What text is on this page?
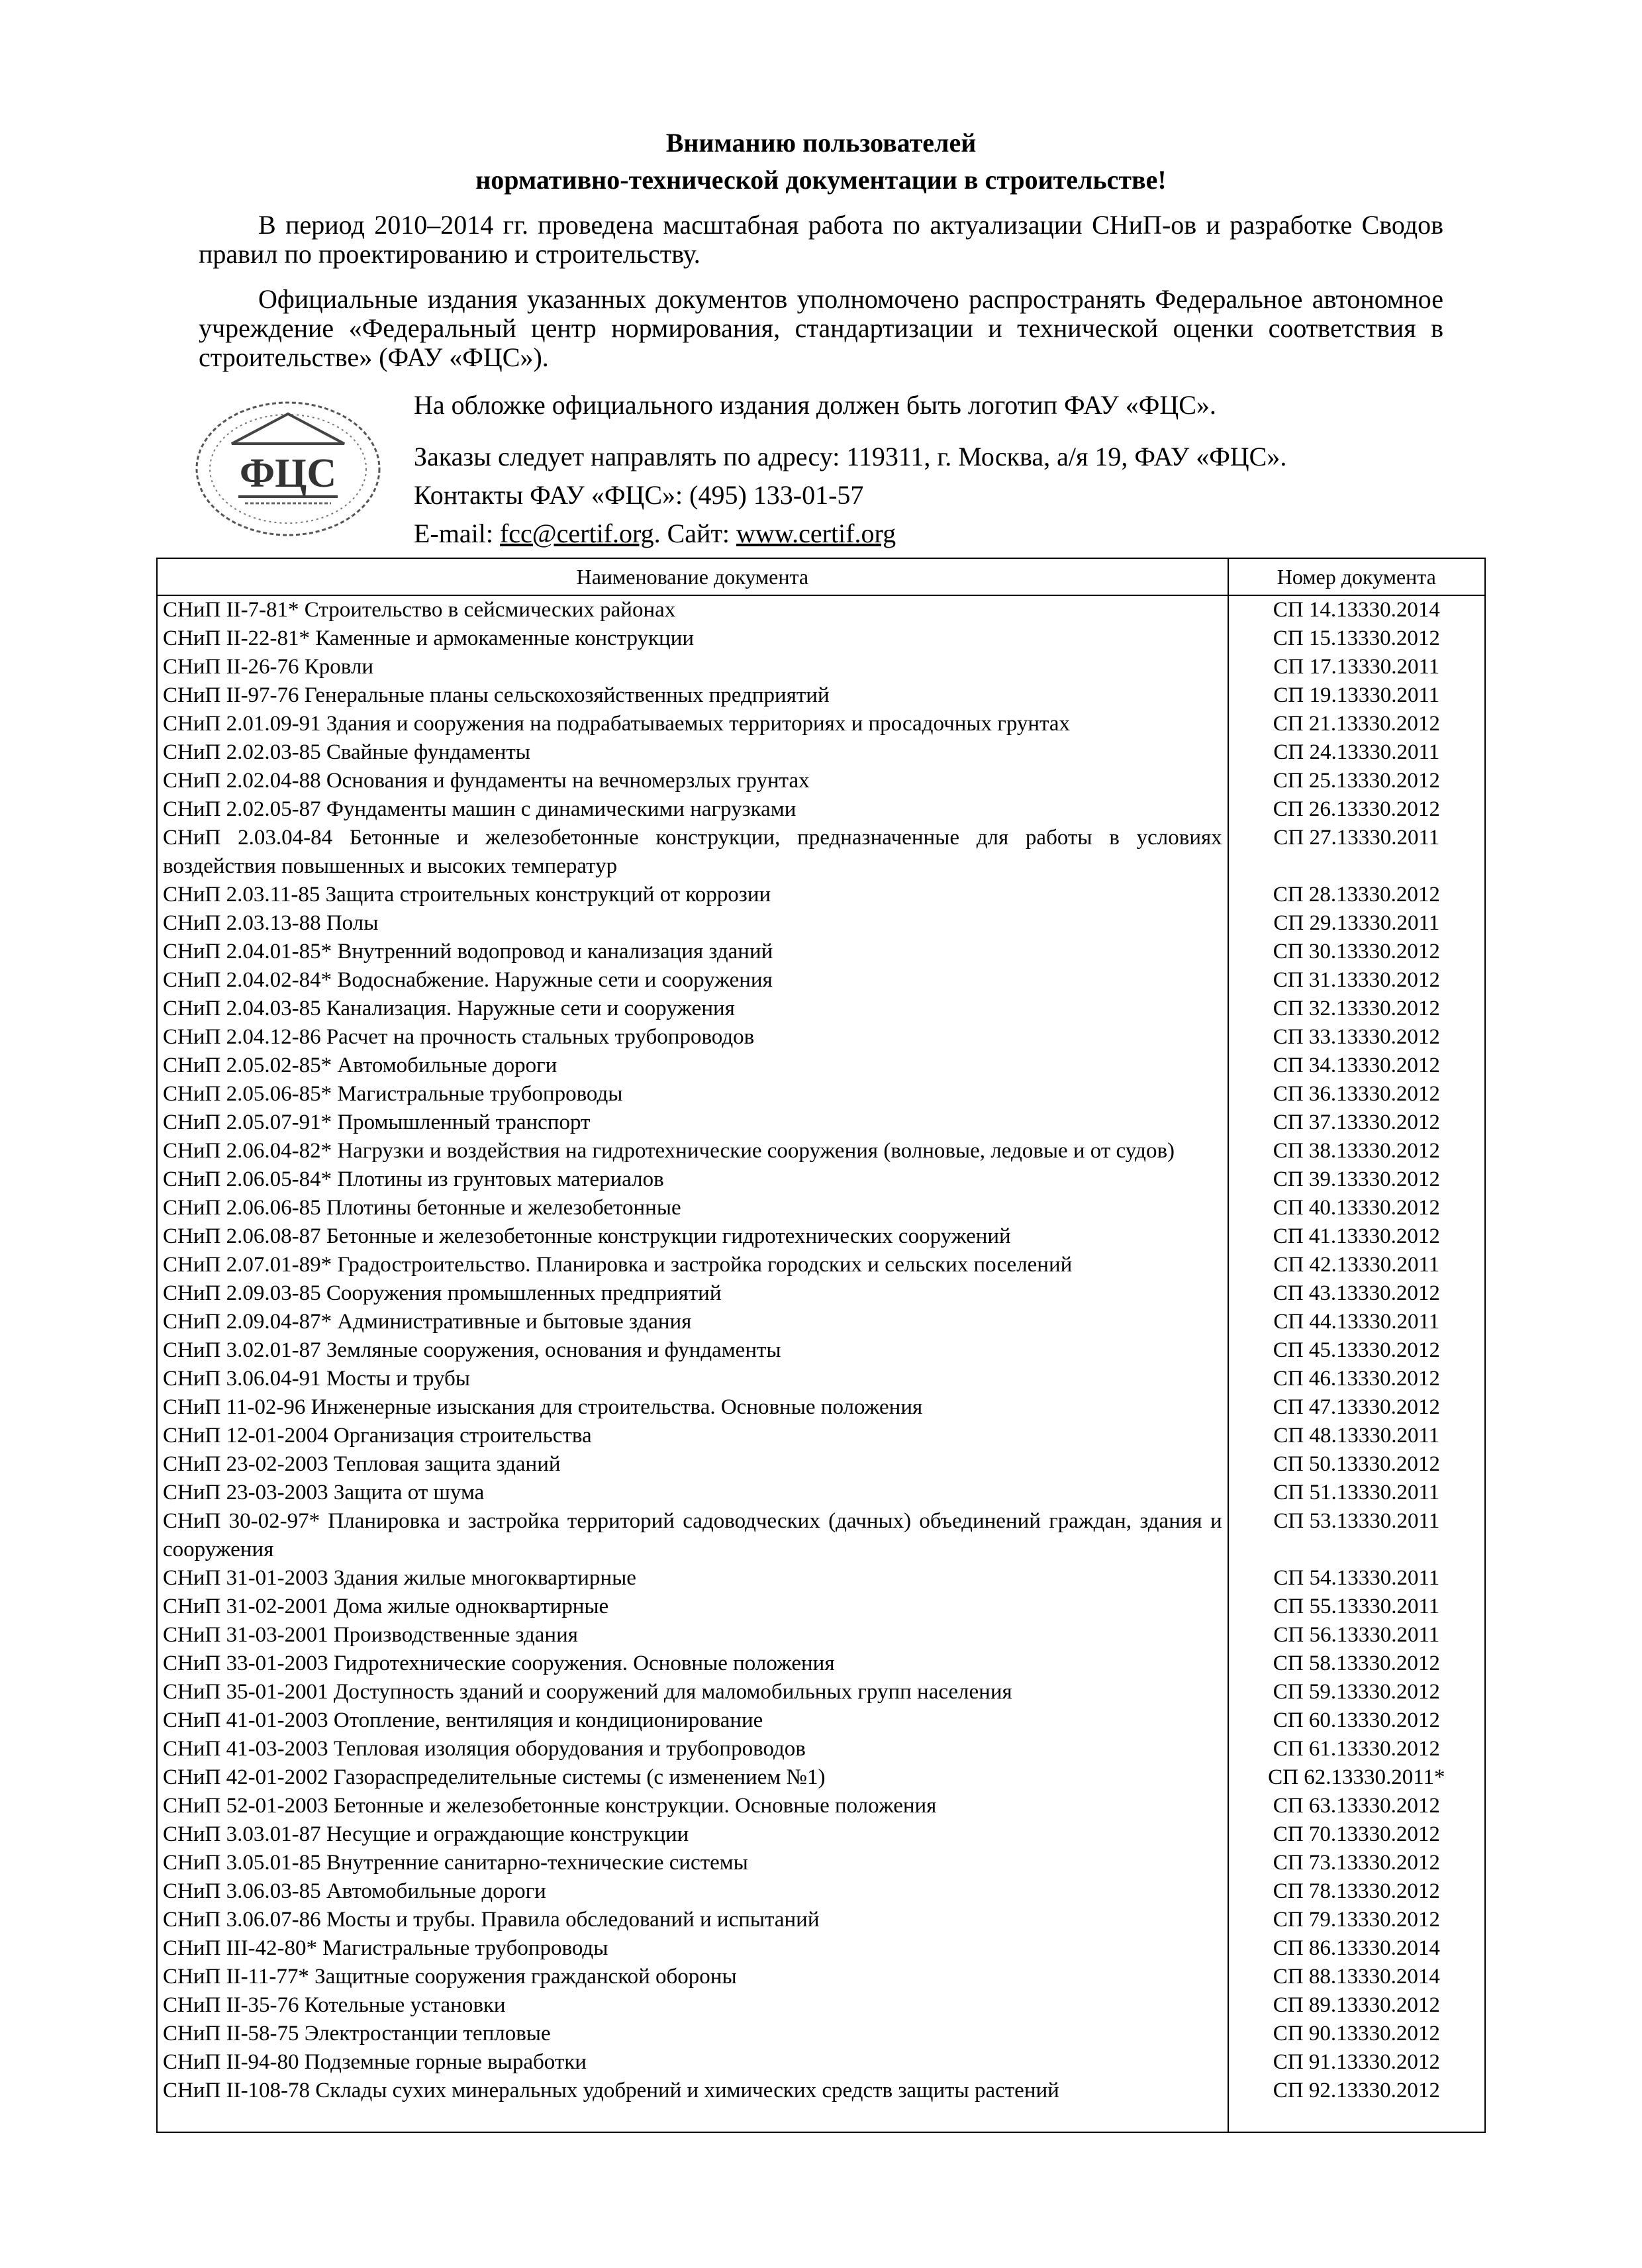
Вниманию пользователей
нормативно-технической документации в строительстве!
В период 2010–2014 гг. проведена масштабная работа по актуализации СНиП-ов и разработке Сводов правил по проектированию и строительству.
Официальные издания указанных документов уполномочено распространять Федеральное автономное учреждение «Федеральный центр нормирования, стандартизации и технической оценки соответствия в строительстве» (ФАУ «ФЦС»).
ФЦС
На обложке официального издания должен быть логотип ФАУ «ФЦС».
Заказы следует направлять по адресу: 119311, г. Москва, а/я 19, ФАУ «ФЦС».
Контакты ФАУ «ФЦС»: (495) 133-01-57
E-mail: fcc@certif.org. Сайт: www.certif.org
Наименование документа	Номер документа
СНиП II-7-81* Строительство в сейсмических районах	СП 14.13330.2014
СНиП II-22-81* Каменные и армокаменные конструкции	СП 15.13330.2012
СНиП II-26-76 Кровли	СП 17.13330.2011
СНиП II-97-76 Генеральные планы сельскохозяйственных предприятий	СП 19.13330.2011
СНиП 2.01.09-91 Здания и сооружения на подрабатываемых территориях и просадочных грунтах	СП 21.13330.2012
СНиП 2.02.03-85 Свайные фундаменты	СП 24.13330.2011
СНиП 2.02.04-88 Основания и фундаменты на вечномерзлых грунтах	СП 25.13330.2012
СНиП 2.02.05-87 Фундаменты машин с динамическими нагрузками	СП 26.13330.2012
СНиП 2.03.04-84 Бетонные и железобетонные конструкции, предназначенные для работы в условиях воздействия повышенных и высоких температур	СП 27.13330.2011
СНиП 2.03.11-85 Защита строительных конструкций от коррозии	СП 28.13330.2012
СНиП 2.03.13-88 Полы	СП 29.13330.2011
СНиП 2.04.01-85* Внутренний водопровод и канализация зданий	СП 30.13330.2012
СНиП 2.04.02-84* Водоснабжение. Наружные сети и сооружения	СП 31.13330.2012
СНиП 2.04.03-85 Канализация. Наружные сети и сооружения	СП 32.13330.2012
СНиП 2.04.12-86 Расчет на прочность стальных трубопроводов	СП 33.13330.2012
СНиП 2.05.02-85* Автомобильные дороги	СП 34.13330.2012
СНиП 2.05.06-85* Магистральные трубопроводы	СП 36.13330.2012
СНиП 2.05.07-91* Промышленный транспорт	СП 37.13330.2012
СНиП 2.06.04-82* Нагрузки и воздействия на гидротехнические сооружения (волновые, ледовые и от судов)	СП 38.13330.2012
СНиП 2.06.05-84* Плотины из грунтовых материалов	СП 39.13330.2012
СНиП 2.06.06-85 Плотины бетонные и железобетонные	СП 40.13330.2012
СНиП 2.06.08-87 Бетонные и железобетонные конструкции гидротехнических сооружений	СП 41.13330.2012
СНиП 2.07.01-89* Градостроительство. Планировка и застройка городских и сельских поселений	СП 42.13330.2011
СНиП 2.09.03-85 Сооружения промышленных предприятий	СП 43.13330.2012
СНиП 2.09.04-87* Административные и бытовые здания	СП 44.13330.2011
СНиП 3.02.01-87 Земляные сооружения, основания и фундаменты	СП 45.13330.2012
СНиП 3.06.04-91 Мосты и трубы	СП 46.13330.2012
СНиП 11-02-96 Инженерные изыскания для строительства. Основные положения	СП 47.13330.2012
СНиП 12-01-2004 Организация строительства	СП 48.13330.2011
СНиП 23-02-2003 Тепловая защита зданий	СП 50.13330.2012
СНиП 23-03-2003 Защита от шума	СП 51.13330.2011
СНиП 30-02-97* Планировка и застройка территорий садоводческих (дачных) объединений граждан, здания и сооружения	СП 53.13330.2011
СНиП 31-01-2003 Здания жилые многоквартирные	СП 54.13330.2011
СНиП 31-02-2001 Дома жилые одноквартирные	СП 55.13330.2011
СНиП 31-03-2001 Производственные здания	СП 56.13330.2011
СНиП 33-01-2003 Гидротехнические сооружения. Основные положения	СП 58.13330.2012
СНиП 35-01-2001 Доступность зданий и сооружений для маломобильных групп населения	СП 59.13330.2012
СНиП 41-01-2003 Отопление, вентиляция и кондиционирование	СП 60.13330.2012
СНиП 41-03-2003 Тепловая изоляция оборудования и трубопроводов	СП 61.13330.2012
СНиП 42-01-2002 Газораспределительные системы (с изменением №1)	СП 62.13330.2011*
СНиП 52-01-2003 Бетонные и железобетонные конструкции. Основные положения	СП 63.13330.2012
СНиП 3.03.01-87 Несущие и ограждающие конструкции	СП 70.13330.2012
СНиП 3.05.01-85 Внутренние санитарно-технические системы	СП 73.13330.2012
СНиП 3.06.03-85 Автомобильные дороги	СП 78.13330.2012
СНиП 3.06.07-86 Мосты и трубы. Правила обследований и испытаний	СП 79.13330.2012
СНиП III-42-80* Магистральные трубопроводы	СП 86.13330.2014
СНиП II-11-77* Защитные сооружения гражданской обороны	СП 88.13330.2014
СНиП II-35-76 Котельные установки	СП 89.13330.2012
СНиП II-58-75 Электростанции тепловые	СП 90.13330.2012
СНиП II-94-80 Подземные горные выработки	СП 91.13330.2012
СНиП II-108-78 Склады сухих минеральных удобрений и химических средств защиты растений	СП 92.13330.2012
